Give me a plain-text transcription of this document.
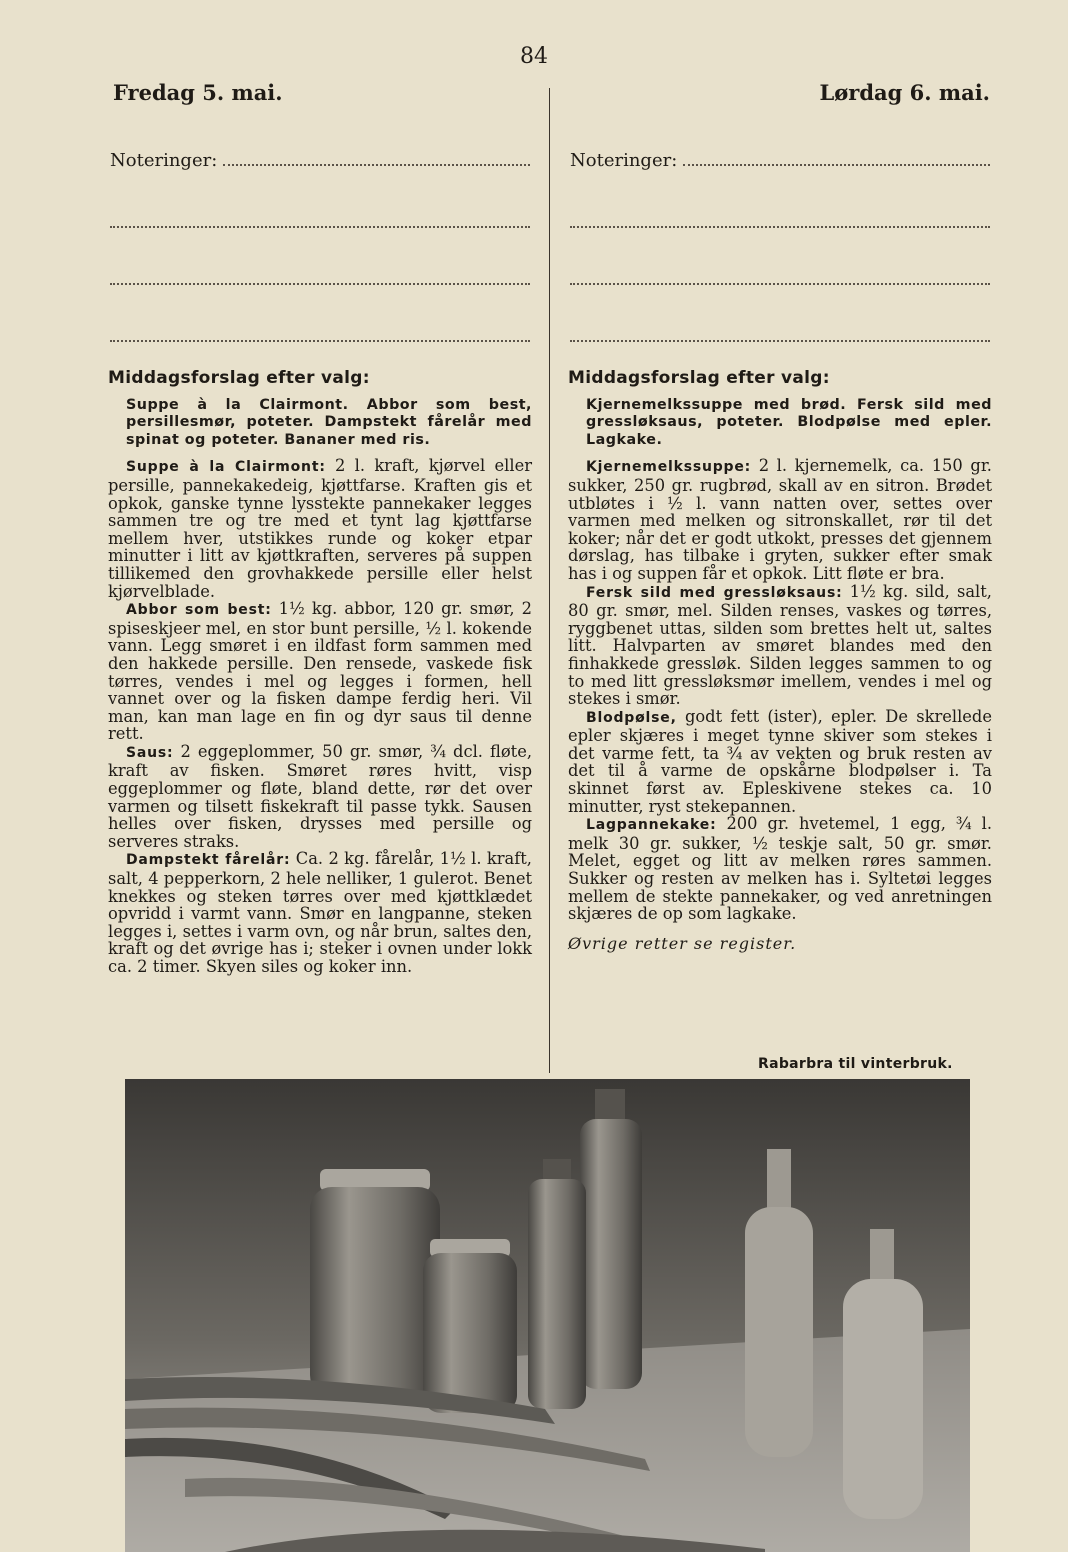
84
Fredag 5. mai.	Lørdag 6. mai.
Noteringer:	Noteringer:
Middagsforslag efter valg:

Suppe à la Clairmont. Abbor som best, persillesmør, poteter. Dampstekt fårelår med spinat og poteter. Bananer med ris.

Suppe à la Clairmont: 2 l. kraft, kjørvel eller persille, pannekakedeig, kjøttfarse. Kraften gis et opkok, ganske tynne lysstekte pannekaker legges sammen tre og tre med et tynt lag kjøttfarse mellem hver, utstikkes runde og koker etpar minutter i litt av kjøttkraften, serveres på suppen tillikemed den grovhakkede persille eller helst kjørvelblade.

Abbor som best: 1½ kg. abbor, 120 gr. smør, 2 spiseskjeer mel, en stor bunt persille, ½ l. kokende vann. Legg smøret i en ildfast form sammen med den hakkede persille. Den rensede, vaskede fisk tørres, vendes i mel og legges i formen, hell vannet over og la fisken dampe ferdig heri. Vil man, kan man lage en fin og dyr saus til denne rett.

Saus: 2 eggeplommer, 50 gr. smør, ¾ dcl. fløte, kraft av fisken. Smøret røres hvitt, visp eggeplommer og fløte, bland dette, rør det over varmen og tilsett fiskekraft til passe tykk. Sausen helles over fisken, drysses med persille og serveres straks.

Dampstekt fårelår: Ca. 2 kg. fårelår, 1½ l. kraft, salt, 4 pepperkorn, 2 hele nelliker, 1 gulerot. Benet knekkes og steken tørres over med kjøttklædet opvridd i varmt vann. Smør en langpanne, steken legges i, settes i varm ovn, og når brun, saltes den, kraft og det øvrige has i; steker i ovnen under lokk ca. 2 timer. Skyen siles og koker inn.

Middagsforslag efter valg:

Kjernemelkssuppe med brød. Fersk sild med gressløksaus, poteter. Blodpølse med epler. Lagkake.

Kjernemelkssuppe: 2 l. kjernemelk, ca. 150 gr. sukker, 250 gr. rugbrød, skall av en sitron. Brødet utbløtes i ½ l. vann natten over, settes over varmen med melken og sitronskallet, rør til det koker; når det er godt utkokt, presses det gjennem dørslag, has tilbake i gryten, sukker efter smak has i og suppen får et opkok. Litt fløte er bra.

Fersk sild med gressløksaus: 1½ kg. sild, salt, 80 gr. smør, mel. Silden renses, vaskes og tørres, ryggbenet uttas, silden som brettes helt ut, saltes litt. Halvparten av smøret blandes med den finhakkede gressløk. Silden legges sammen to og to med litt gressløksmør imellem, vendes i mel og stekes i smør.

Blodpølse, godt fett (ister), epler. De skrellede epler skjæres i meget tynne skiver som stekes i det varme fett, ta ¾ av vekten og bruk resten av det til å varme de opskårne blodpølser i. Ta skinnet først av. Epleskivene stekes ca. 10 minutter, ryst stekepannen.

Lagpannekake: 200 gr. hvetemel, 1 egg, ¾ l. melk 30 gr. sukker, ½ teskje salt, 50 gr. smør. Melet, egget og litt av melken røres sammen. Sukker og resten av melken has i. Syltetøi legges mellem de stekte pannekaker, og ved anretningen skjæres de op som lagkake.

Øvrige retter se register.

Rabarbra til vinterbruk.
